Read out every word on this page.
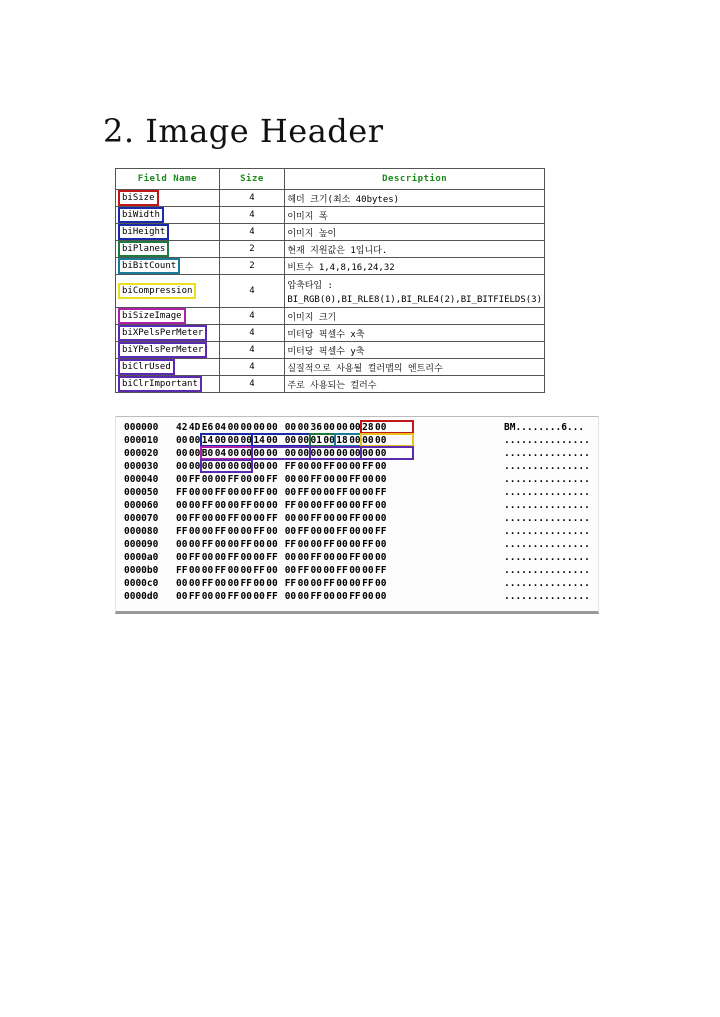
2. Image Header
Field Name	Size	Description
biSize	4	헤더 크기(최소 40bytes)
biWidth	4	이미지 폭
biHeight	4	이미지 높이
biPlanes	2	현재 지원값은 1입니다.
biBitCount	2	비트수 1,4,8,16,24,32
biCompression	4	압축타입 :
BI_RGB(0),BI_RLE8(1),BI_RLE4(2),BI_BITFIELDS(3)

biSizeImage	4	이미지 크기
biXPelsPerMeter	4	미터당 픽셀수 x축
biYPelsPerMeter	4	미터당 픽셀수 y축
biClrUsed	4	실질적으로 사용될 컬러맵의 엔트리수
biClrImportant	4	주로 사용되는 컬러수
000000 42 4D E6 04 00 00 00 00 00 00 36 00 00 00 28 00	BM........6...
000010 00 00 14 00 00 00 14 00 00 00 01 00 18 00 00 00	...............
000020 00 00 B0 04 00 00 00 00 00 00 00 00 00 00 00 00	...............
000030 00 00 00 00 00 00 00 00 FF 00 00 FF 00 00 FF 00	...............
000040 00 FF 00 00 FF 00 00 FF 00 00 FF 00 00 FF 00 00	...............
000050 FF 00 00 FF 00 00 FF 00 00 FF 00 00 FF 00 00 FF	...............
000060 00 00 FF 00 00 FF 00 00 FF 00 00 FF 00 00 FF 00	...............
000070 00 FF 00 00 FF 00 00 FF 00 00 FF 00 00 FF 00 00	...............
000080 FF 00 00 FF 00 00 FF 00 00 FF 00 00 FF 00 00 FF	...............
000090 00 00 FF 00 00 FF 00 00 FF 00 00 FF 00 00 FF 00	...............
0000a0 00 FF 00 00 FF 00 00 FF 00 00 FF 00 00 FF 00 00	...............
0000b0 FF 00 00 FF 00 00 FF 00 00 FF 00 00 FF 00 00 FF	...............
0000c0 00 00 FF 00 00 FF 00 00 FF 00 00 FF 00 00 FF 00	...............
0000d0 00 FF 00 00 FF 00 00 FF 00 00 FF 00 00 FF 00 00	...............
